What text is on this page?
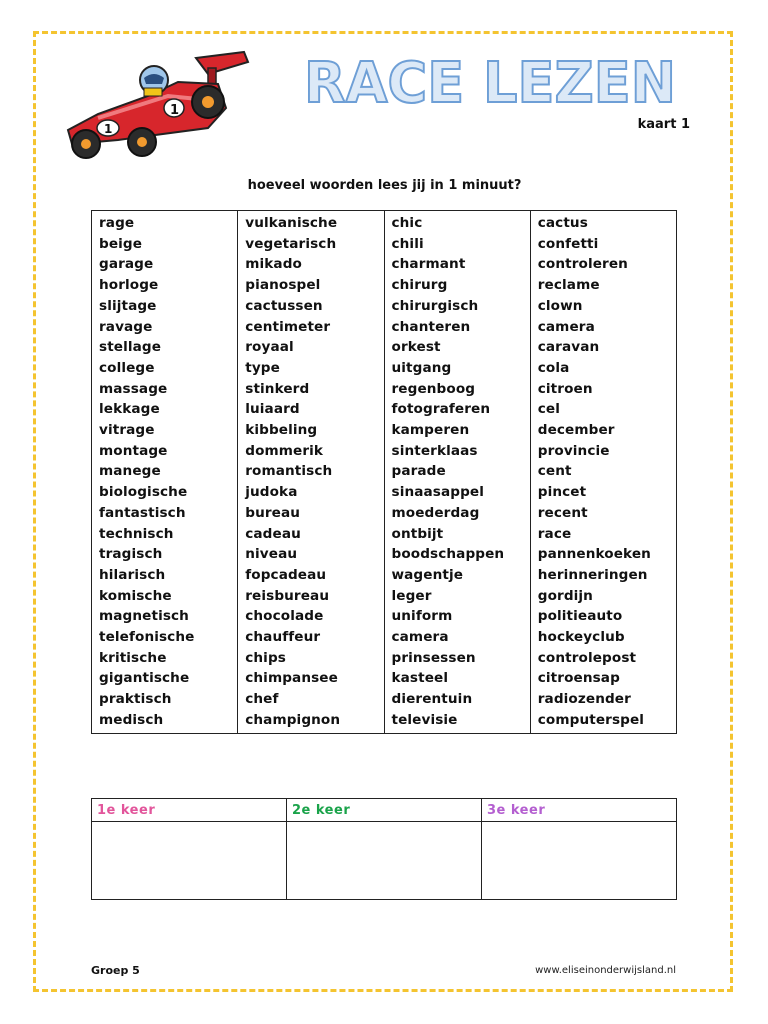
1
1 RACE LEZEN
kaart 1
hoeveel woorden lees jij in 1 minuut?
rage
beige
garage
horloge
slijtage
ravage
stellage
college
massage
lekkage
vitrage
montage
manege
biologische
fantastisch
technisch
tragisch
hilarisch
komische
magnetisch
telefonische
kritische
gigantische
praktisch
medisch

vulkanische
vegetarisch
mikado
pianospel
cactussen
centimeter
royaal
type
stinkerd
luiaard
kibbeling
dommerik
romantisch
judoka
bureau
cadeau
niveau
fopcadeau
reisbureau
chocolade
chauffeur
chips
chimpansee
chef
champignon

chic
chili
charmant
chirurg
chirurgisch
chanteren
orkest
uitgang
regenboog
fotograferen
kamperen
sinterklaas
parade
sinaasappel
moederdag
ontbijt
boodschappen
wagentje
leger
uniform
camera
prinsessen
kasteel
dierentuin
televisie

cactus
confetti
controleren
reclame
clown
camera
caravan
cola
citroen
cel
december
provincie
cent
pincet
recent
race
pannenkoeken
herinneringen
gordijn
politieauto
hockeyclub
controlepost
citroensap
radiozender
computerspel
1e keer	2e keer	3e keer

Groep 5	www.eliseinonderwijsland.nl
